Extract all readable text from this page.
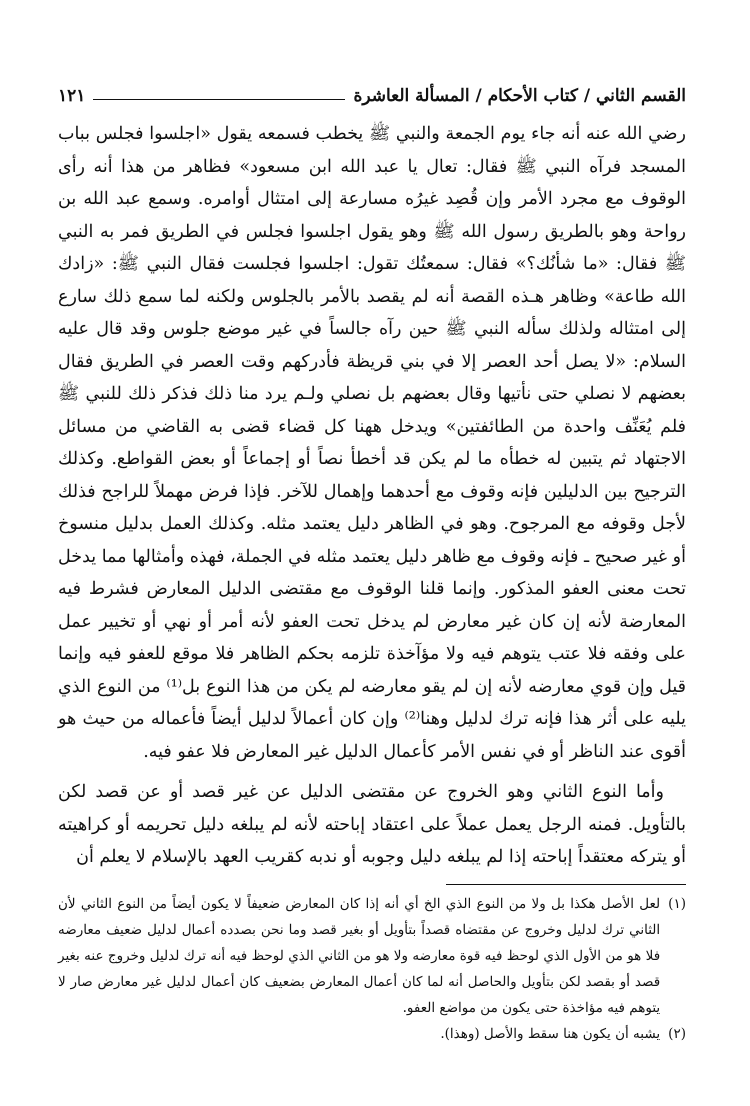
القسم الثاني / كتاب الأحكام / المسألة العاشرة
١٢١

رضي الله عنه أنه جاء يوم الجمعة والنبي ﷺ يخطب فسمعه يقول «اجلسوا فجلس بباب المسجد فرآه النبي ﷺ فقال: تعال يا عبد الله ابن مسعود» فظاهر من هذا أنه رأى الوقوف مع مجرد الأمر وإن قُصِد غيرُه مسارعة إلى امتثال أوامره. وسمع عبد الله بن رواحة وهو بالطريق رسول الله ﷺ وهو يقول اجلسوا فجلس في الطريق فمر به النبي ﷺ فقال: «ما شأنُك؟» فقال: سمعتُك تقول: اجلسوا فجلست فقال النبي ﷺ: «زادك الله طاعة» وظاهر هـذه القصة أنه لم يقصد بالأمر بالجلوس ولكنه لما سمع ذلك سارع إلى امتثاله ولذلك سأله النبي ﷺ حين رآه جالساً في غير موضع جلوس وقد قال عليه السلام: «لا يصل أحد العصر إلا في بني قريظة فأدركهم وقت العصر في الطريق فقال بعضهم لا نصلي حتى نأتيها وقال بعضهم بل نصلي ولـم يرد منا ذلك فذكر ذلك للنبي ﷺ فلم يُعَنِّف واحدة من الطائفتين» ويدخل ههنا كل قضاء قضى به القاضي من مسائل الاجتهاد ثم يتبين له خطأه ما لم يكن قد أخطأ نصاً أو إجماعاً أو بعض القواطع. وكذلك الترجيح بين الدليلين فإنه وقوف مع أحدهما وإهمال للآخر. فإذا فرض مهملاً للراجح فذلك لأجل وقوفه مع المرجوح. وهو في الظاهر دليل يعتمد مثله. وكذلك العمل بدليل منسوخ أو غير صحيح ـ فإنه وقوف مع ظاهر دليل يعتمد مثله في الجملة، فهذه وأمثالها مما يدخل تحت معنى العفو المذكور. وإنما قلنا الوقوف مع مقتضى الدليل المعارض فشرط فيه المعارضة لأنه إن كان غير معارض لم يدخل تحت العفو لأنه أمر أو نهي أو تخيير عمل على وفقه فلا عتب يتوهم فيه ولا مؤآخذة تلزمه بحكم الظاهر فلا موقع للعفو فيه وإنما قيل وإن قوي معارضه لأنه إن لم يقو معارضه لم يكن من هذا النوع بل⁽¹⁾ من النوع الذي يليه على أثر هذا فإنه ترك لدليل وهنا⁽²⁾ وإن كان أعمالاً لدليل أيضاً فأعماله من حيث هو أقوى عند الناظر أو في نفس الأمر كأعمال الدليل غير المعارض فلا عفو فيه.

وأما النوع الثاني وهو الخروج عن مقتضى الدليل عن غير قصد أو عن قصد لكن بالتأويل. فمنه الرجل يعمل عملاً على اعتقاد إباحته لأنه لم يبلغه دليل تحريمه أو كراهيته أو يتركه معتقداً إباحته إذا لم يبلغه دليل وجوبه أو ندبه كقريب العهد بالإسلام لا يعلم أن

(١)
لعل الأصل هكذا بل ولا من النوع الذي الخ أي أنه إذا كان المعارض ضعيفاً لا يكون أيضاً من النوع الثاني لأن الثاني ترك لدليل وخروج عن مقتضاه قصداً بتأويل أو بغير قصد وما نحن بصدده أعمال لدليل ضعيف معارضه فلا هو من الأول الذي لوحظ فيه قوة معارضه ولا هو من الثاني الذي لوحظ فيه أنه ترك لدليل وخروج عنه بغير قصد أو بقصد لكن بتأويل والحاصل أنه لما كان أعمال المعارض بضعيف كان أعمال لدليل غير معارض صار لا يتوهم فيه مؤاخذة حتى يكون من مواضع العفو.
(٢)
يشبه أن يكون هنا سقط والأصل (وهذا).
